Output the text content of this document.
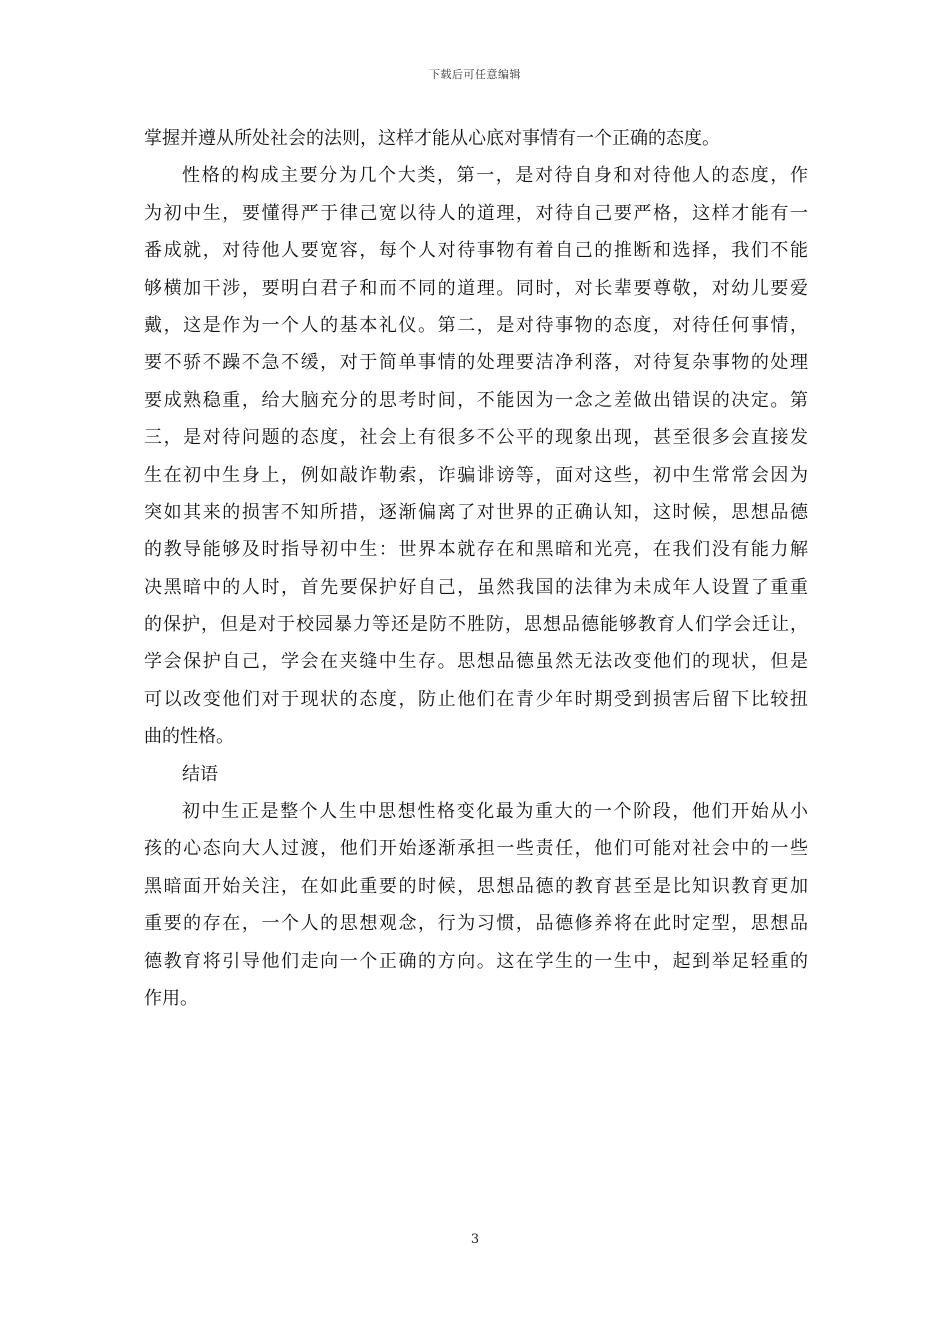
下载后可任意编辑
掌握并遵从所处社会的法则，这样才能从心底对事情有一个正确的态度。
性格的构成主要分为几个大类，第一，是对待自身和对待他人的态度，作
为初中生，要懂得严于律己宽以待人的道理，对待自己要严格，这样才能有一
番成就，对待他人要宽容，每个人对待事物有着自己的推断和选择，我们不能
够横加干涉，要明白君子和而不同的道理。同时，对长辈要尊敬，对幼儿要爱
戴，这是作为一个人的基本礼仪。第二，是对待事物的态度，对待任何事情，
要不骄不躁不急不缓，对于简单事情的处理要洁净利落，对待复杂事物的处理
要成熟稳重，给大脑充分的思考时间，不能因为一念之差做出错误的决定。第
三，是对待问题的态度，社会上有很多不公平的现象出现，甚至很多会直接发
生在初中生身上，例如敲诈勒索，诈骗诽谤等，面对这些，初中生常常会因为
突如其来的损害不知所措，逐渐偏离了对世界的正确认知，这时候，思想品德
的教导能够及时指导初中生：世界本就存在和黑暗和光亮，在我们没有能力解
决黑暗中的人时，首先要保护好自己，虽然我国的法律为未成年人设置了重重
的保护，但是对于校园暴力等还是防不胜防，思想品德能够教育人们学会迁让，
学会保护自己，学会在夹缝中生存。思想品德虽然无法改变他们的现状，但是
可以改变他们对于现状的态度，防止他们在青少年时期受到损害后留下比较扭
曲的性格。
结语
初中生正是整个人生中思想性格变化最为重大的一个阶段，他们开始从小
孩的心态向大人过渡，他们开始逐渐承担一些责任，他们可能对社会中的一些
黑暗面开始关注，在如此重要的时候，思想品德的教育甚至是比知识教育更加
重要的存在，一个人的思想观念，行为习惯，品德修养将在此时定型，思想品
德教育将引导他们走向一个正确的方向。这在学生的一生中，起到举足轻重的
作用。
3
